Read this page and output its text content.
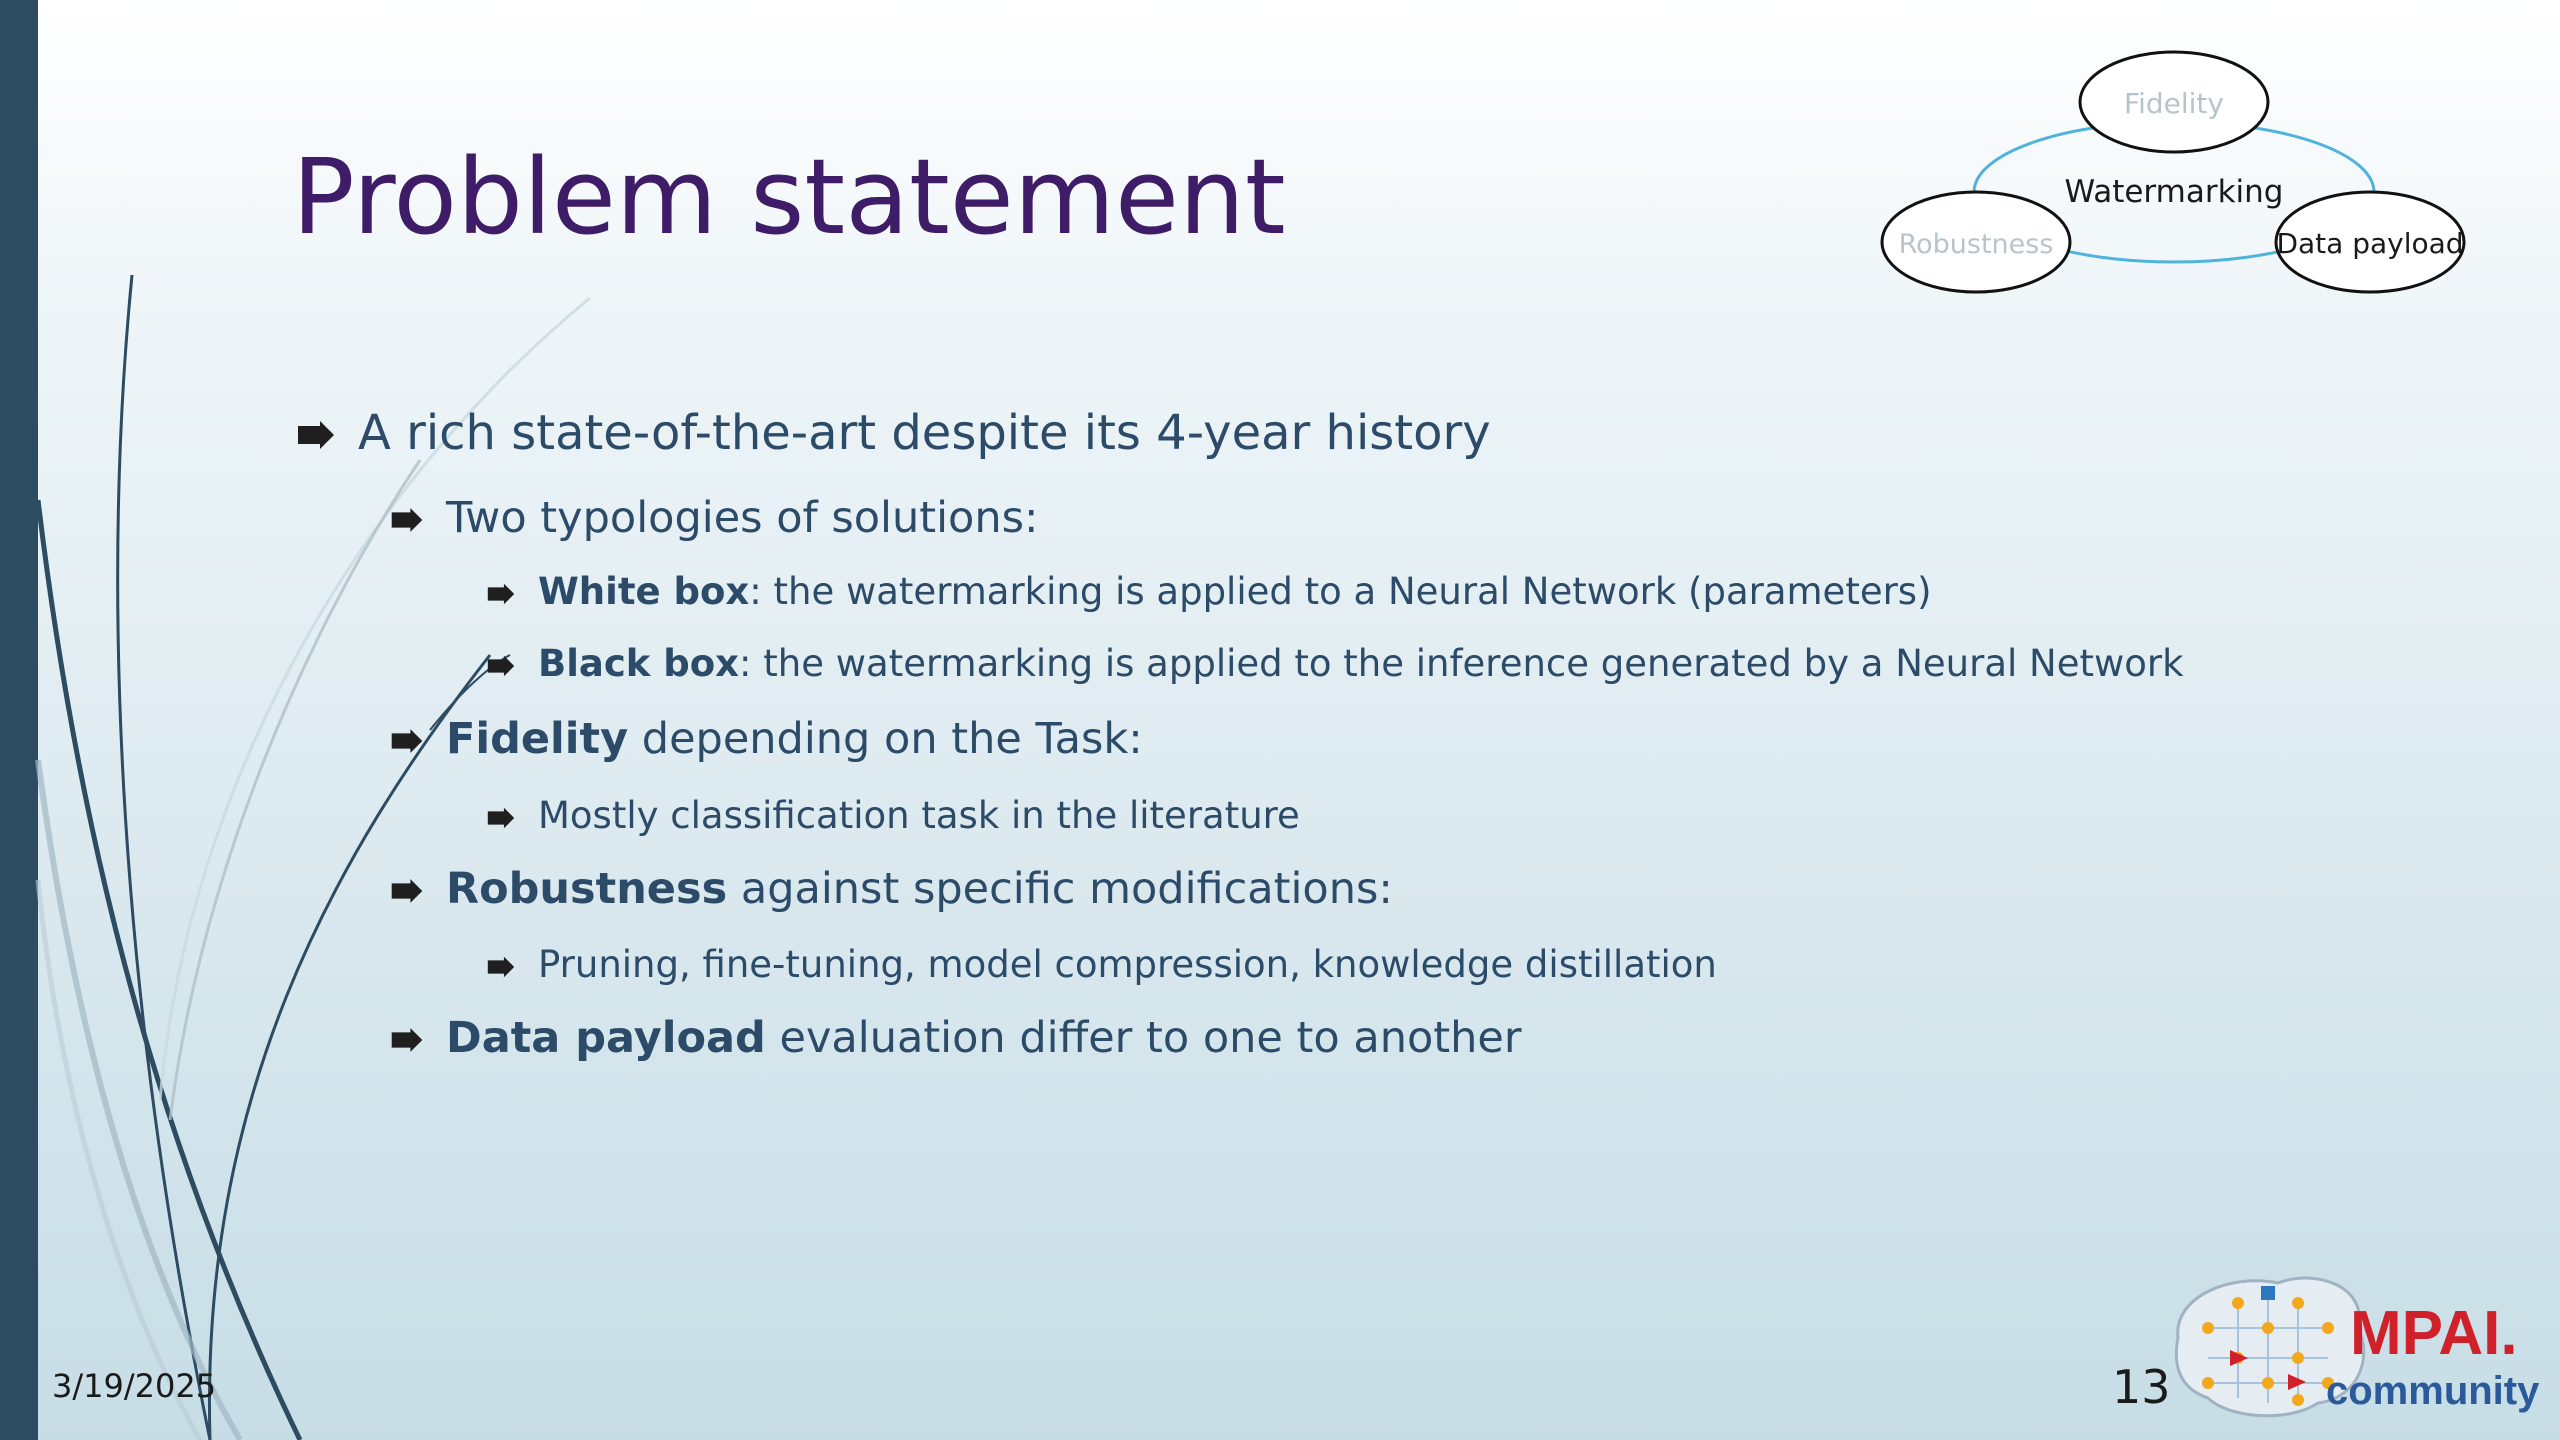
Problem statement
A rich state-of-the-art despite its 4-year history
Two typologies of solutions:
White box: the watermarking is applied to a Neural Network (parameters)
Black box: the watermarking is applied to the inference generated by a Neural Network
Fidelity depending on the Task:
Mostly classification task in the literature
Robustness against specific modifications:
Pruning, fine-tuning, model compression, knowledge distillation
Data payload evaluation differ to one to another
Watermarking
Fidelity
Robustness	Data payload
3/19/2025	13
MPAI.
community
